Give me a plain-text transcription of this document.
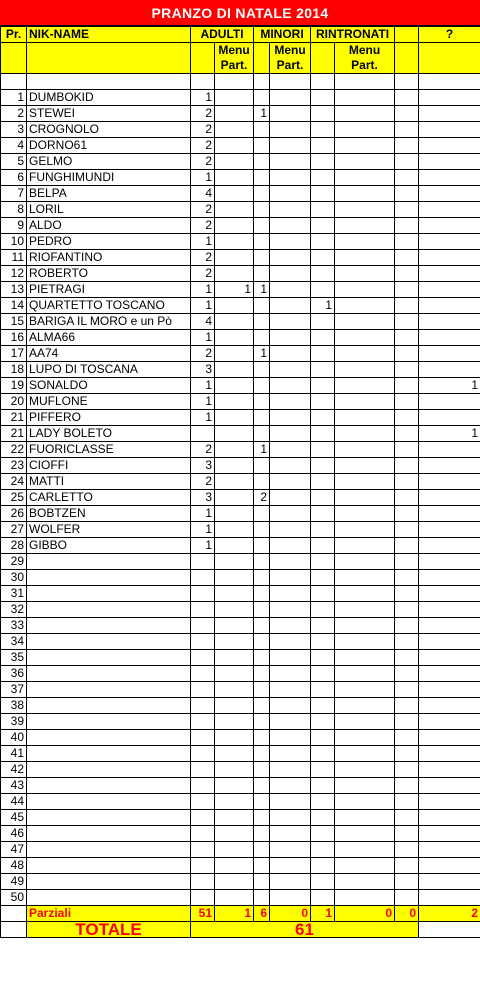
PRANZO DI NATALE 2014
Pr.	NIK-NAME	ADULTI		MINORI		RINTRONATI			?
			Menu Part.		Menu Part.		Menu Part.		

1	DUMBOKID	1							
2	STEWEI	2		1					
3	CROGNOLO	2							
4	DORNO61	2							
5	GELMO	2							
6	FUNGHIMUNDI	1							
7	BELPA	4							
8	LORIL	2							
9	ALDO	2							
10	PEDRO	1							
11	RIOFANTINO	2							
12	ROBERTO	2							
13	PIETRAGI	1	1	1					
14	QUARTETTO TOSCANO	1				1			
15	BARIGA IL MORO e un Pò	4							
16	ALMA66	1							
17	AA74	2		1					
18	LUPO DI TOSCANA	3							
19	SONALDO	1							1
20	MUFLONE	1							
21	PIFFERO	1							
21	LADY BOLETO								1
22	FUORICLASSE	2		1					
23	CIOFFI	3							
24	MATTI	2							
25	CARLETTO	3		2					
26	BOBTZEN	1							
27	WOLFER	1							
28	GIBBO	1							
29									
30									
31									
32									
33									
34									
35									
36									
37									
38									
39									
40									
41									
42									
43									
44									
45									
46									
47									
48									
49									
50									
	Parziali	51	1	6	0	1	0	0	2
	TOTALE	61							
